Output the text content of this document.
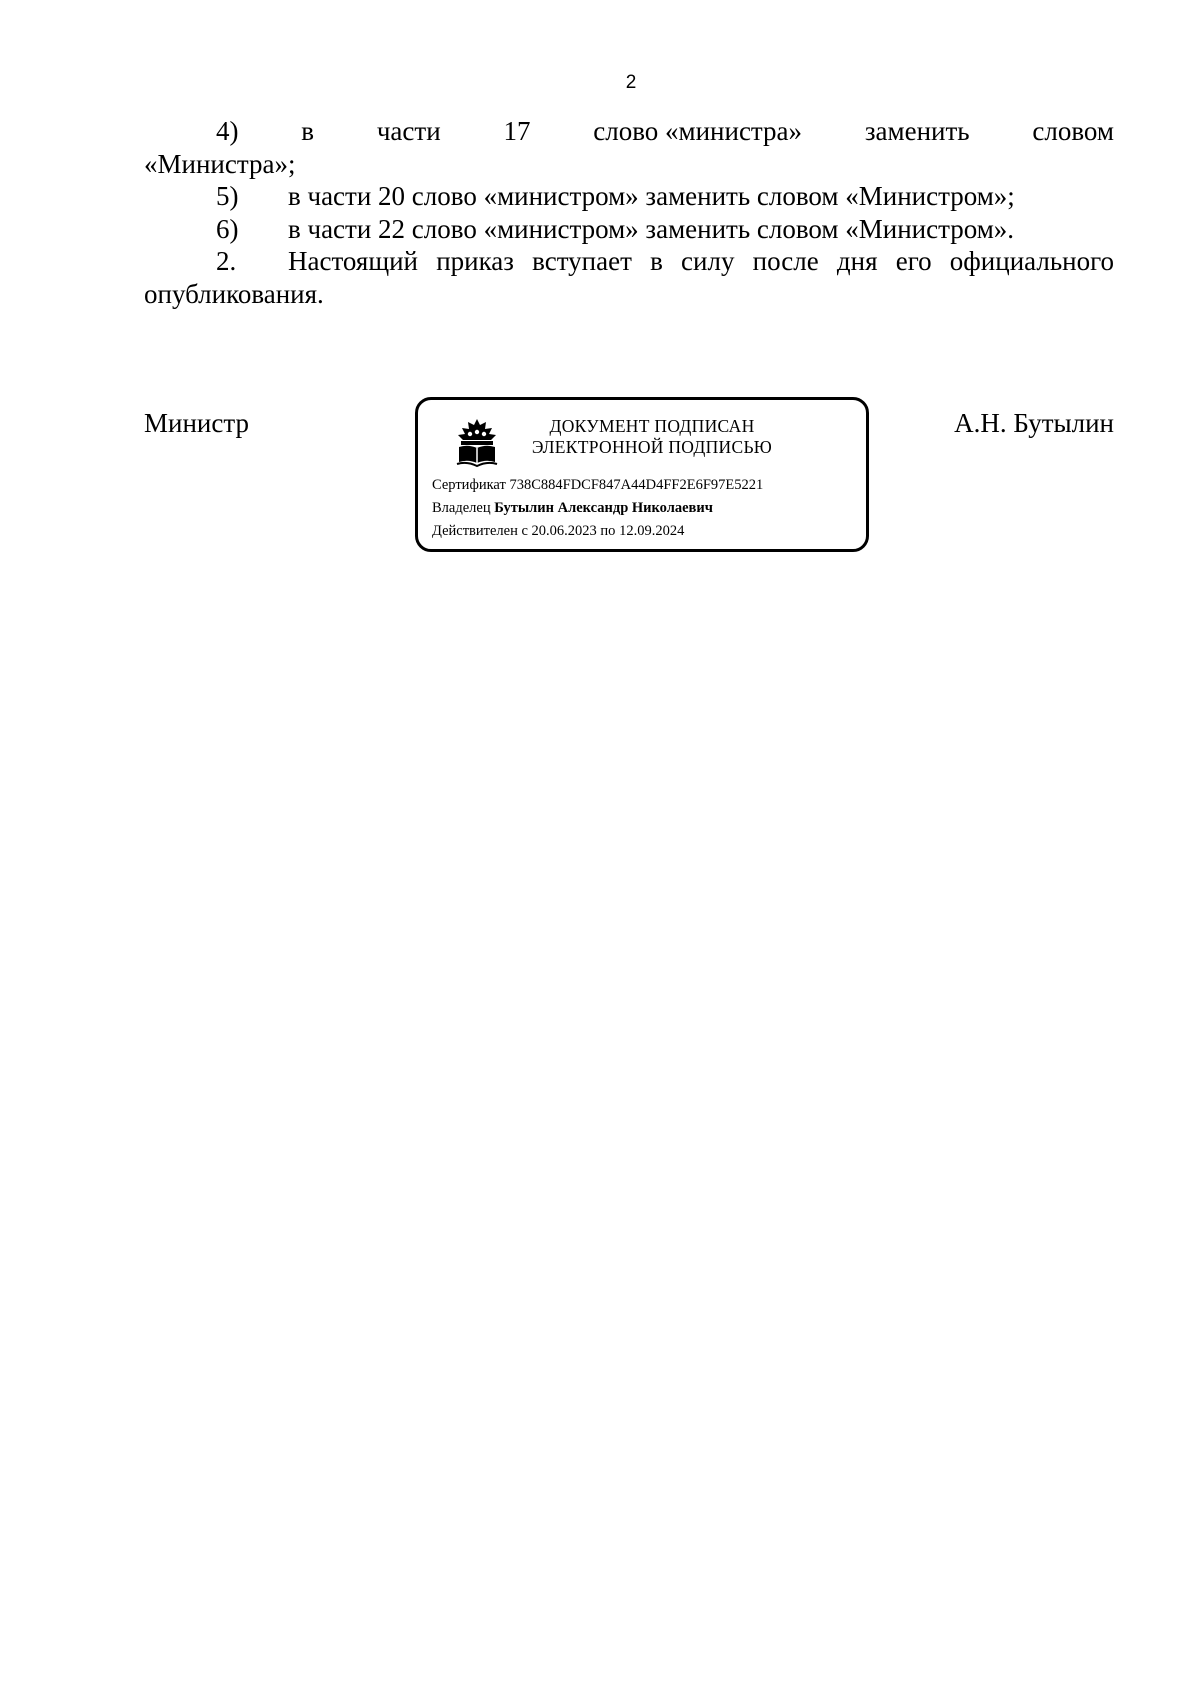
2
4) в части 17 слово «министра» заменить словом

«Министра»;

5)	в части 20 слово «министром» заменить словом «Министром»;
6)	в части 22 слово «министром» заменить словом «Министром».

2. Настоящий приказ вступает в силу после дня его официального опубликования.

Министр	А.Н. Бутылин
ДОКУМЕНТ ПОДПИСАН
ЭЛЕКТРОННОЙ ПОДПИСЬЮ
Сертификат 738C884FDCF847A44D4FF2E6F97E5221
Владелец Бутылин Александр Николаевич
Действителен с 20.06.2023 по 12.09.2024
